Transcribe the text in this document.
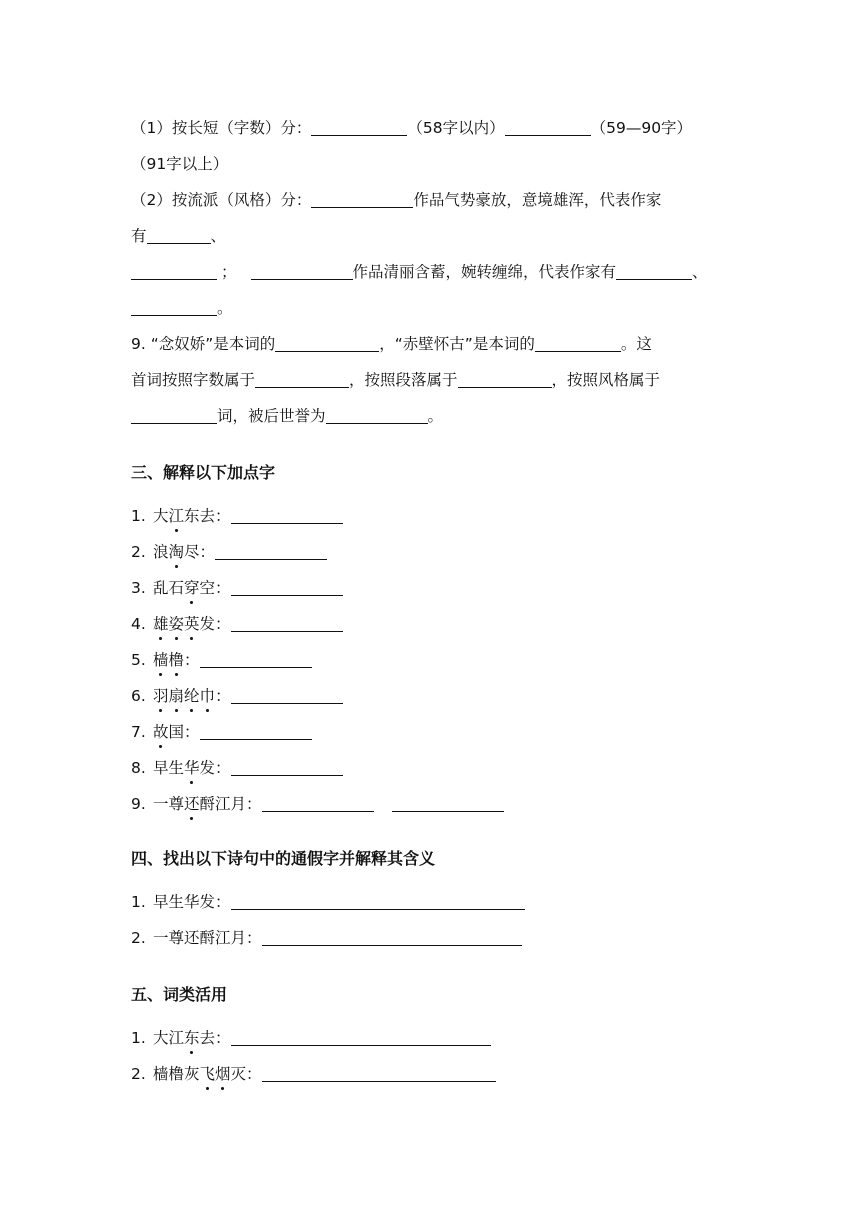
（1）按长短（字数）分：	（58字以内）	（59—90字）
（91字以上）
（2）按流派（风格）分：	作品气势豪放，意境雄浑，代表作家
有	、
；	作品清丽含蓄，婉转缠绵，代表作家有	、
。
9. “念奴娇”是本词的	，“赤壁怀古”是本词的	。这
首词按照字数属于	，按照段落属于	，按照风格属于
词，被后世誉为	。
三、解释以下加点字
1. 大江东去：
2. 浪淘尽：
3. 乱石穿空：
4. 雄姿英发：
5. 樯橹：
6. 羽扇纶巾：
7. 故国：
8. 早生华发：
9. 一尊还酹江月：
四、找出以下诗句中的通假字并解释其含义
1. 早生华发：
2. 一尊还酹江月：
五、词类活用
1. 大江东去：
2. 樯橹灰飞烟灭：
